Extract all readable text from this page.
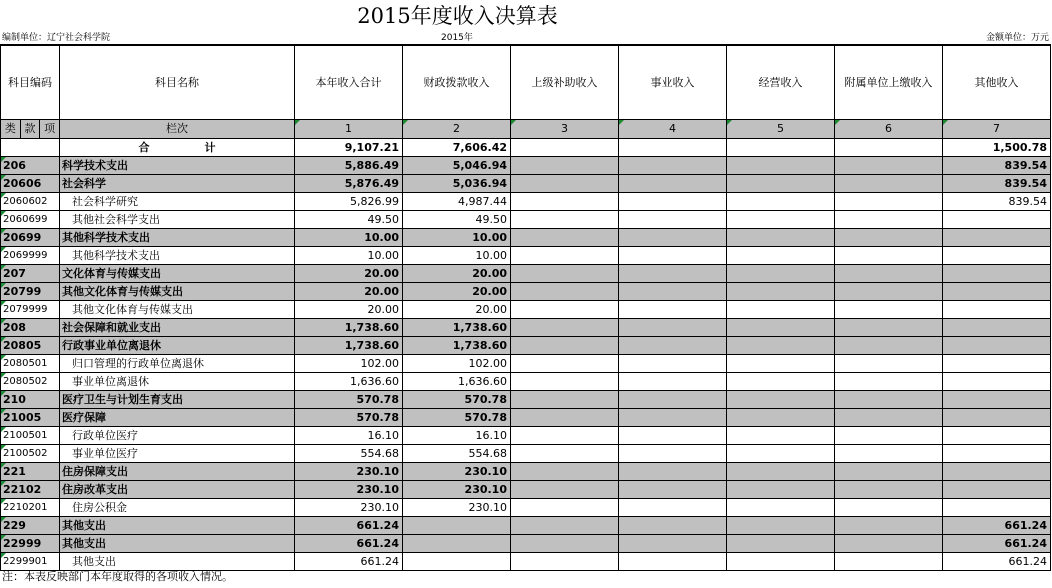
2015年度收入决算表
编制单位：辽宁社会科学院	2015年	金额单位：万元
科目编码	科目名称	本年收入合计	财政拨款收入	上级补助收入	事业收入	经营收入	附属单位上缴收入	其他收入

类 款 项	栏次	1	2	3	4	5	6	7
	合　　　　　计	9,107.21	7,606.42					1,500.78
206	科学技术支出	5,886.49	5,046.94					839.54
20606	社会科学	5,876.49	5,036.94					839.54
2060602	社会科学研究	5,826.99	4,987.44					839.54
2060699	其他社会科学支出	49.50	49.50					
20699	其他科学技术支出	10.00	10.00					
2069999	其他科学技术支出	10.00	10.00					
207	文化体育与传媒支出	20.00	20.00					
20799	其他文化体育与传媒支出	20.00	20.00					
2079999	其他文化体育与传媒支出	20.00	20.00					
208	社会保障和就业支出	1,738.60	1,738.60					
20805	行政事业单位离退休	1,738.60	1,738.60					
2080501	归口管理的行政单位离退休	102.00	102.00					
2080502	事业单位离退休	1,636.60	1,636.60					
210	医疗卫生与计划生育支出	570.78	570.78					
21005	医疗保障	570.78	570.78					
2100501	行政单位医疗	16.10	16.10					
2100502	事业单位医疗	554.68	554.68					
221	住房保障支出	230.10	230.10					
22102	住房改革支出	230.10	230.10					
2210201	住房公积金	230.10	230.10					
229	其他支出	661.24						661.24
22999	其他支出	661.24						661.24
2299901	其他支出	661.24						661.24
注：本表反映部门本年度取得的各项收入情况。
